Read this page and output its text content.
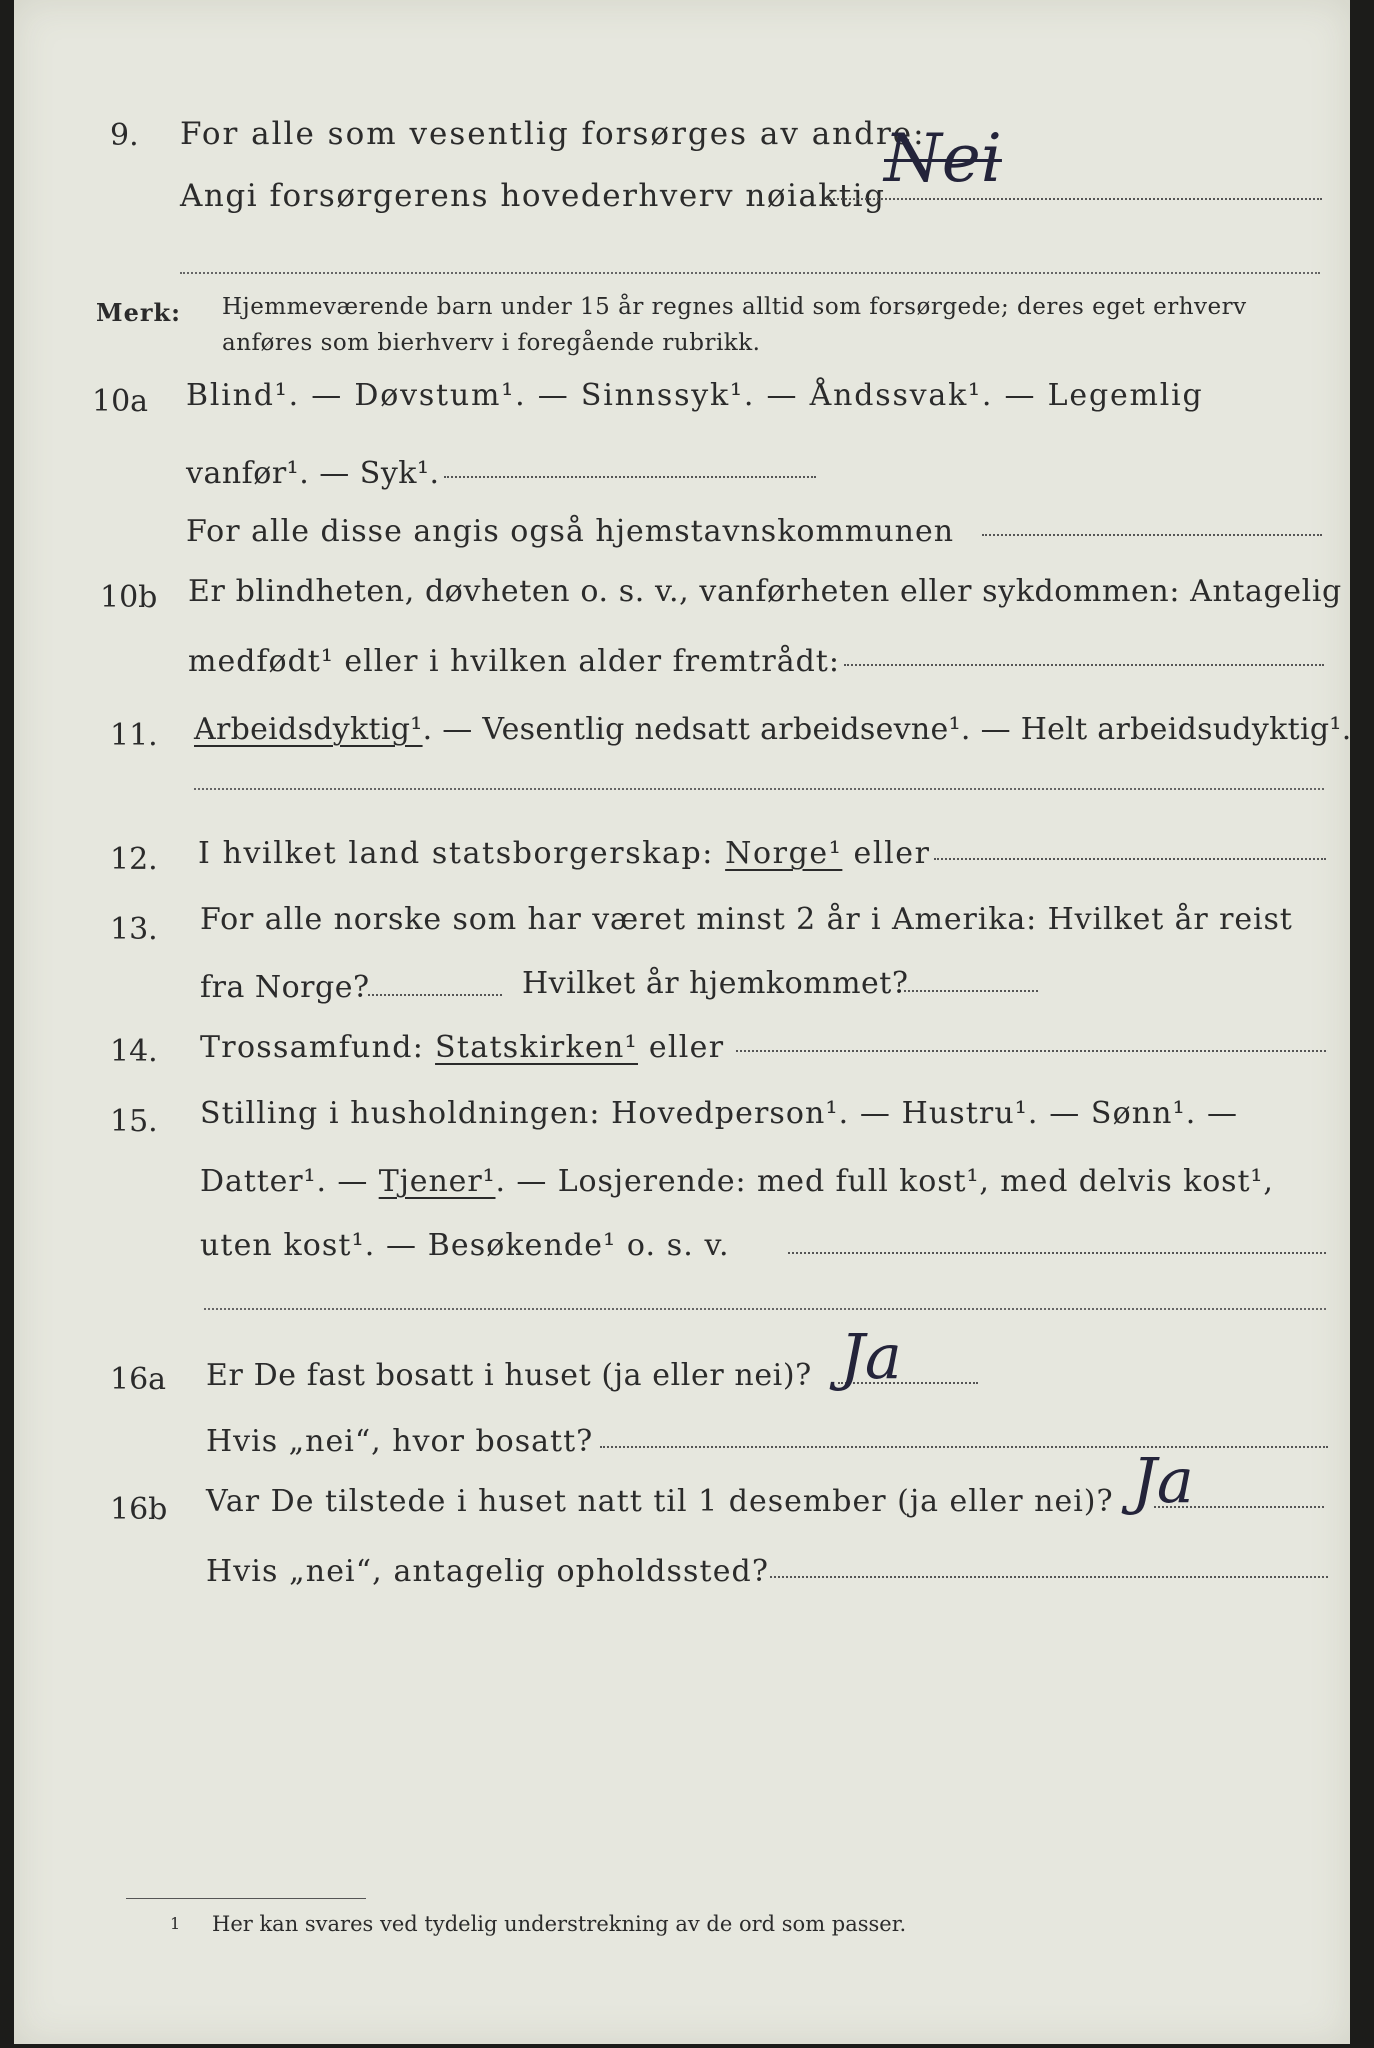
9. For alle som vesentlig forsørges av andre:
Angi forsørgerens hovederhverv nøiaktig
Nei
Merk: Hjemmeværende barn under 15 år regnes alltid som forsørgede; deres eget erhverv
anføres som bierhverv i foregående rubrikk.
10a Blind¹. — Døvstum¹. — Sinnssyk¹. — Åndssvak¹. — Legemlig
vanfør¹. — Syk¹.
For alle disse angis også hjemstavnskommunen
10b Er blindheten, døvheten o. s. v., vanførheten eller sykdommen: Antagelig
medfødt¹ eller i hvilken alder fremtrådt:
11. Arbeidsdyktig¹. — Vesentlig nedsatt arbeidsevne¹. — Helt arbeidsudyktig¹.
12. I hvilket land statsborgerskap: Norge¹ eller
13. For alle norske som har været minst 2 år i Amerika: Hvilket år reist
fra Norge?	Hvilket år hjemkommet?
14. Trossamfund: Statskirken¹ eller
15. Stilling i husholdningen: Hovedperson¹. — Hustru¹. — Sønn¹. —
Datter¹. — Tjener¹. — Losjerende: med full kost¹, med delvis kost¹,
uten kost¹. — Besøkende¹ o. s. v.
16a Er De fast bosatt i huset (ja eller nei)? Ja
Hvis „nei“, hvor bosatt?
16b Var De tilstede i huset natt til 1 desember (ja eller nei)? Ja
Hvis „nei“, antagelig opholdssted?
1 Her kan svares ved tydelig understrekning av de ord som passer.
